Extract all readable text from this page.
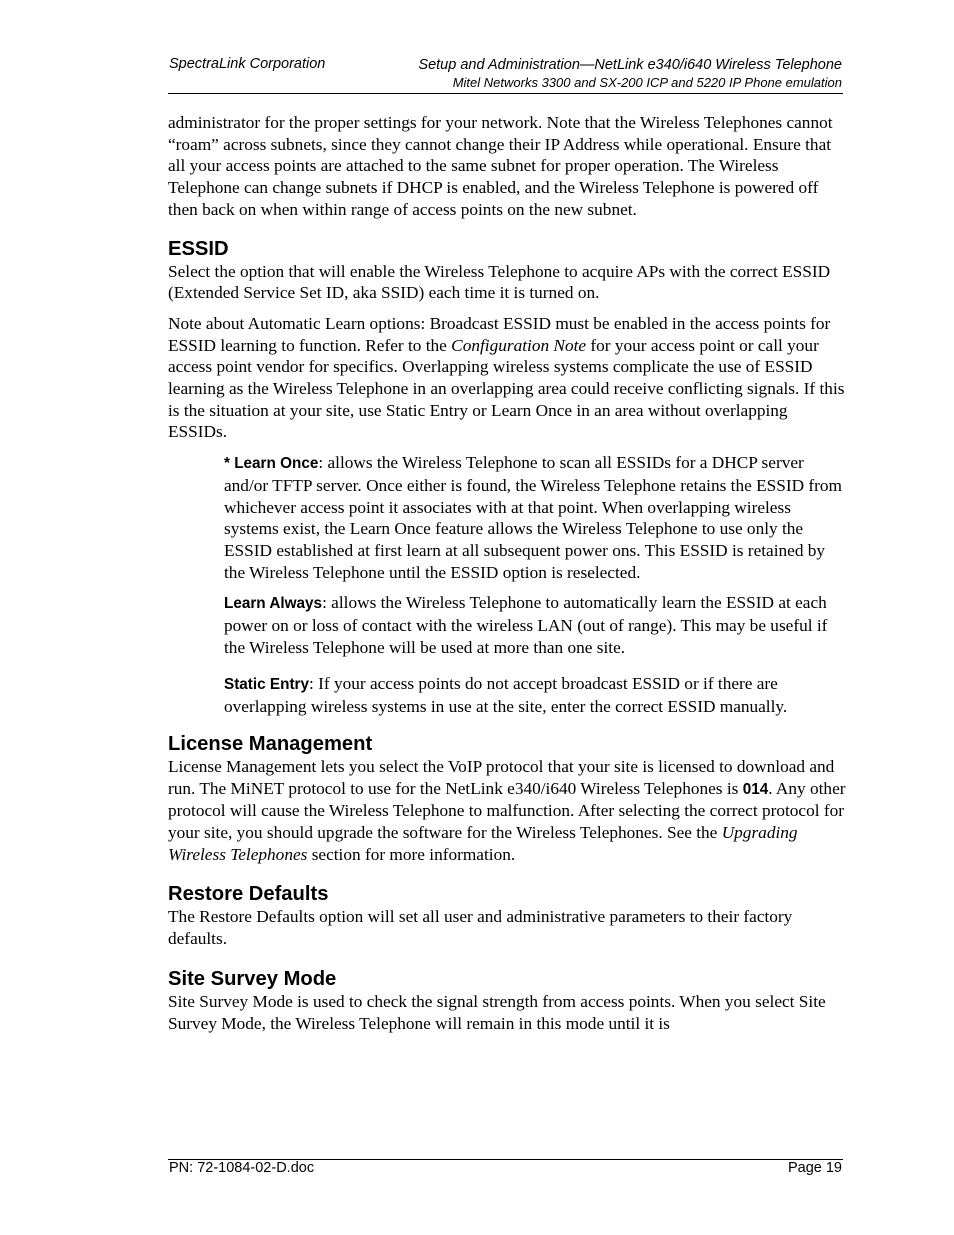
SpectraLink Corporation	Setup and Administration—NetLink e340/i640 Wireless Telephone
Mitel Networks 3300 and SX-200 ICP and 5220 IP Phone emulation

administrator for the proper settings for your network. Note that the Wireless Telephones cannot “roam” across subnets, since they cannot change their IP Address while operational. Ensure that all your access points are attached to the same subnet for proper operation. The Wireless Telephone can change subnets if DHCP is enabled, and the Wireless Telephone is powered off then back on when within range of access points on the new subnet.

ESSID

Select the option that will enable the Wireless Telephone to acquire APs with the correct ESSID (Extended Service Set ID, aka SSID) each time it is turned on.

Note about Automatic Learn options: Broadcast ESSID must be enabled in the access points for ESSID learning to function. Refer to the Configuration Note for your access point or call your access point vendor for specifics. Overlapping wireless systems complicate the use of ESSID learning as the Wireless Telephone in an overlapping area could receive conflicting signals. If this is the situation at your site, use Static Entry or Learn Once in an area without overlapping ESSIDs.

* Learn Once: allows the Wireless Telephone to scan all ESSIDs for a DHCP server and/or TFTP server. Once either is found, the Wireless Telephone retains the ESSID from whichever access point it associates with at that point. When overlapping wireless systems exist, the Learn Once feature allows the Wireless Telephone to use only the ESSID established at first learn at all subsequent power ons. This ESSID is retained by the Wireless Telephone until the ESSID option is reselected.

Learn Always: allows the Wireless Telephone to automatically learn the ESSID at each power on or loss of contact with the wireless LAN (out of range). This may be useful if the Wireless Telephone will be used at more than one site.

Static Entry: If your access points do not accept broadcast ESSID or if there are overlapping wireless systems in use at the site, enter the correct ESSID manually.

License Management

License Management lets you select the VoIP protocol that your site is licensed to download and run. The MiNET protocol to use for the NetLink e340/i640 Wireless Telephones is 014. Any other protocol will cause the Wireless Telephone to malfunction. After selecting the correct protocol for your site, you should upgrade the software for the Wireless Telephones. See the Upgrading Wireless Telephones section for more information.

Restore Defaults

The Restore Defaults option will set all user and administrative parameters to their factory defaults.

Site Survey Mode

Site Survey Mode is used to check the signal strength from access points. When you select Site Survey Mode, the Wireless Telephone will remain in this mode until it is

PN: 72-1084-02-D.doc	Page 19
